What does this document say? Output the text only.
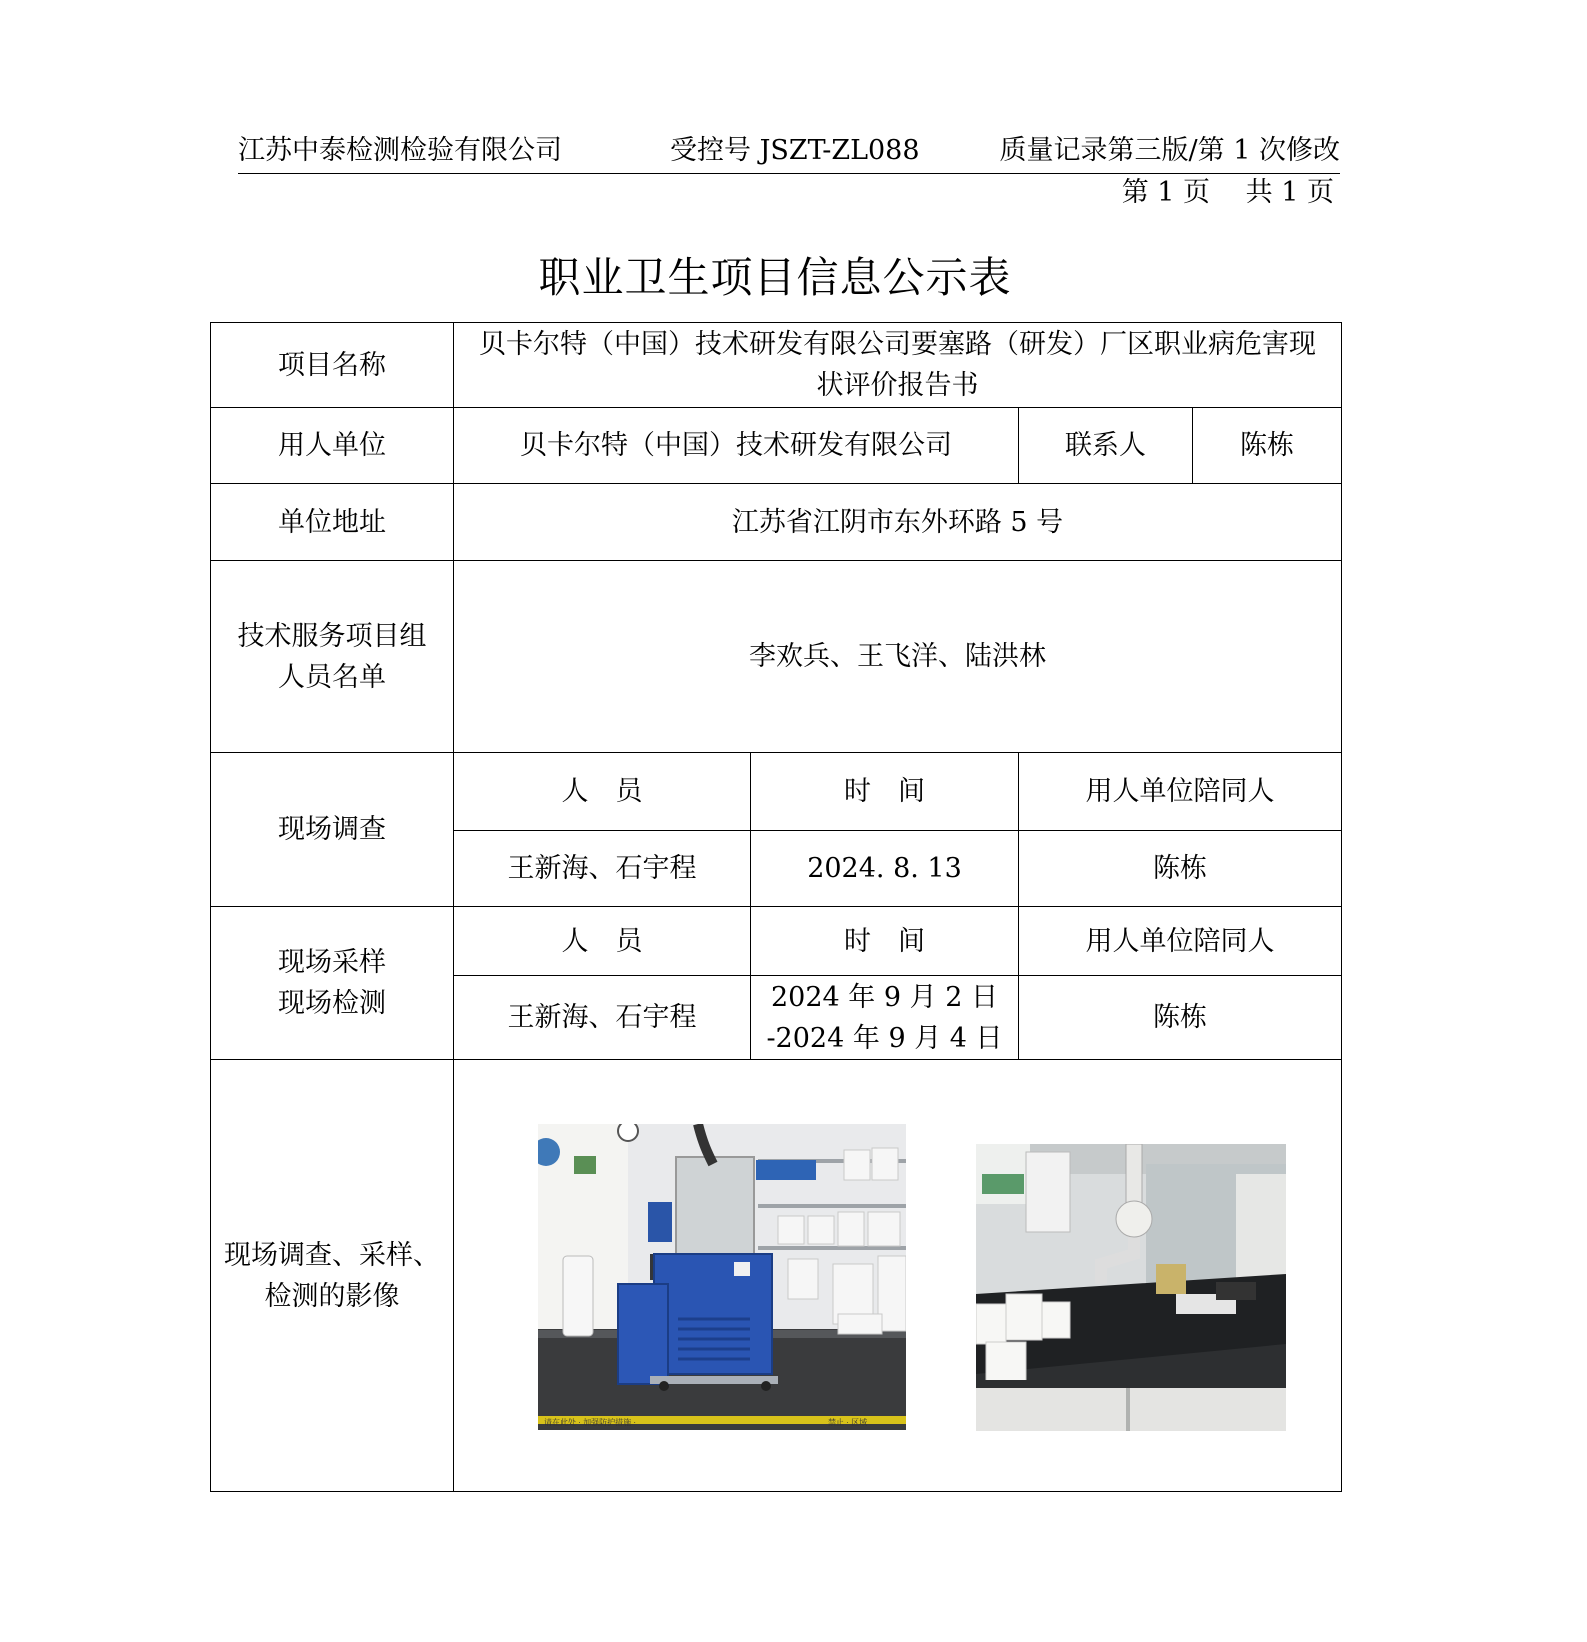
江苏中泰检测检验有限公司	受控号 JSZT-ZL088	质量记录第三版/第 1 次修改
第 1 页　 共 1 页
职业卫生项目信息公示表
项目名称	贝卡尔特（中国）技术研发有限公司要塞路（研发）厂区职业病危害现
状评价报告书			

用人单位	贝卡尔特（中国）技术研发有限公司		联系人	陈栋
单位地址	江苏省江阴市东外环路 5 号			

技术服务项目组
人员名单	李欢兵、王飞洋、陆洪林			
现场调查	人　员	时　间	用人单位陪同人	
	王新海、石宇程	2024. 8. 13	陈栋	

现场采样
现场检测	人　员	时　间	用人单位陪同人	
	王新海、石宇程	2024 年 9 月 2 日
-2024 年 9 月 4 日	陈栋	

现场调查、采样、
检测的影像				

请在此处 · 加强防护措施 ·	禁止 · 区域
